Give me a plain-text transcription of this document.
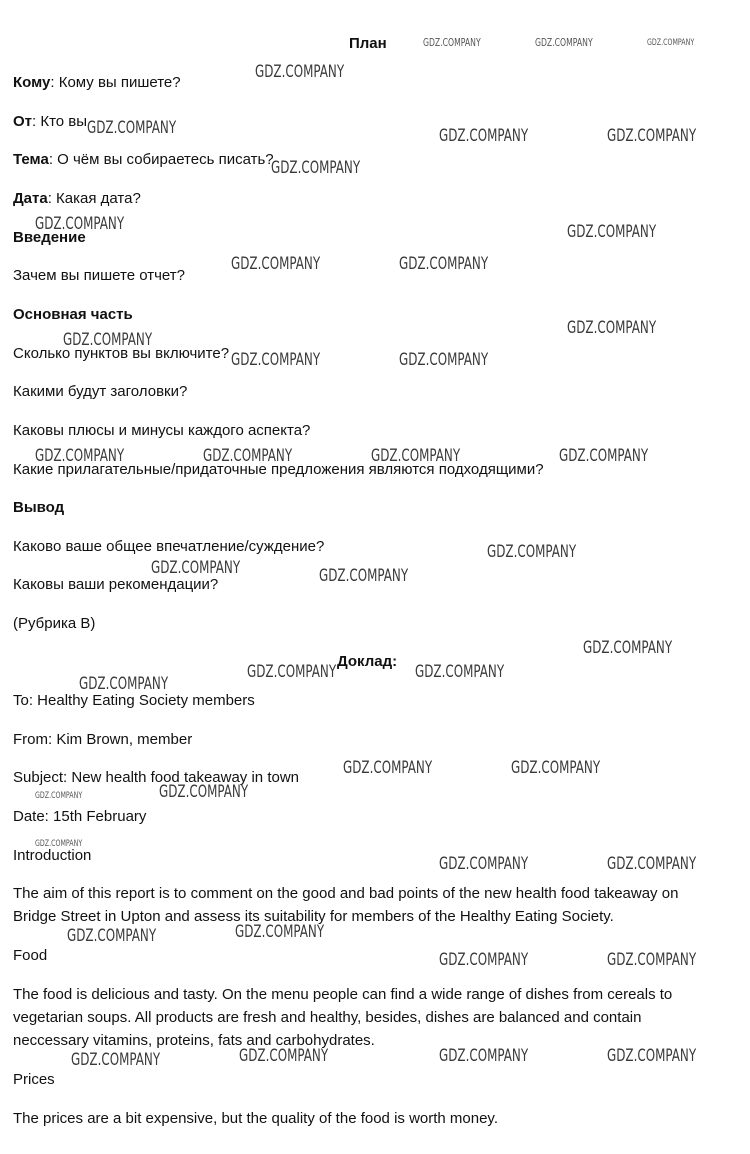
План
Кому: Кому вы пишете?
От: Кто вы
Тема: О чём вы собираетесь писать?
Дата: Какая дата?
Введение
Зачем вы пишете отчет?
Основная часть
Сколько пунктов вы включите?
Какими будут заголовки?
Каковы плюсы и минусы каждого аспекта?
Какие прилагательные/придаточные предложения являются подходящими?
Вывод
Каково ваше общее впечатление/суждение?
Каковы ваши рекомендации?
(Рубрика В)
Доклад:
To: Healthy Eating Society members
From: Kim Brown, member
Subject: New health food takeaway in town
Date: 15th February
Introduction
The aim of this report is to comment on the good and bad points of the new health food takeaway on Bridge Street in Upton and assess its suitability for members of the Healthy Eating Society.
Food
The food is delicious and tasty. On the menu people can find a wide range of dishes from cereals to vegetarian soups. All products are fresh and healthy, besides, dishes are balanced and contain neccessary vitamins, proteins, fats and carbohydrates.
Prices
The prices are a bit expensive, but the quality of the food is worth money.
GDZ.COMPANY	GDZ.COMPANY	GDZ.COMPANY
GDZ.COMPANY
GDZ.COMPANY	GDZ.COMPANY	GDZ.COMPANY
GDZ.COMPANY
GDZ.COMPANY	GDZ.COMPANY
GDZ.COMPANY	GDZ.COMPANY
GDZ.COMPANY
GDZ.COMPANY
GDZ.COMPANY	GDZ.COMPANY
GDZ.COMPANY	GDZ.COMPANY	GDZ.COMPANY	GDZ.COMPANY
GDZ.COMPANY
GDZ.COMPANY	GDZ.COMPANY
GDZ.COMPANY
GDZ.COMPANY	GDZ.COMPANY
GDZ.COMPANY
GDZ.COMPANY	GDZ.COMPANY
GDZ.COMPANY
GDZ.COMPANY
GDZ.COMPANY
GDZ.COMPANY	GDZ.COMPANY
GDZ.COMPANY
GDZ.COMPANY
GDZ.COMPANY	GDZ.COMPANY
GDZ.COMPANY
GDZ.COMPANY	GDZ.COMPANY	GDZ.COMPANY
